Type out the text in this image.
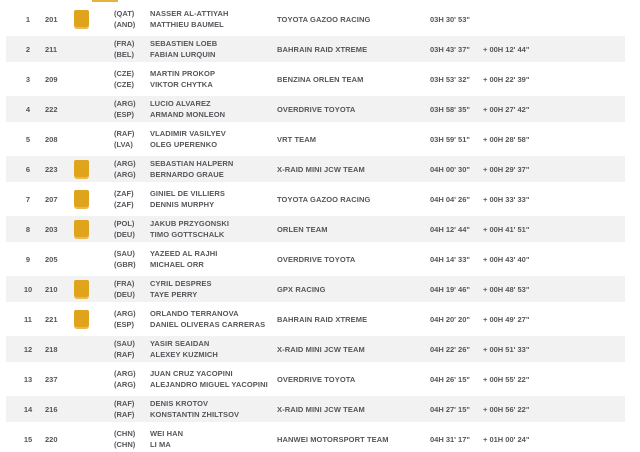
1	201
(QAT)	NASSER AL-ATTIYAH
(AND)	MATTHIEU BAUMEL
TOYOTA GAZOO RACING	03H 30' 53"
2	211
(FRA)	SEBASTIEN LOEB
(BEL)	FABIAN LURQUIN
BAHRAIN RAID XTREME	03H 43' 37"	+ 00H 12' 44"
3	209
(CZE)	MARTIN PROKOP
(CZE)	VIKTOR CHYTKA
BENZINA ORLEN TEAM	03H 53' 32"	+ 00H 22' 39"
4	222
(ARG)	LUCIO ALVAREZ
(ESP)	ARMAND MONLEON
OVERDRIVE TOYOTA	03H 58' 35"	+ 00H 27' 42"
5	208
(RAF)	VLADIMIR VASILYEV
(LVA)	OLEG UPERENKO
VRT TEAM	03H 59' 51"	+ 00H 28' 58"
6	223
(ARG)	SEBASTIAN HALPERN
(ARG)	BERNARDO GRAUE
X-RAID MINI JCW TEAM	04H 00' 30"	+ 00H 29' 37"
7	207
(ZAF)	GINIEL DE VILLIERS
(ZAF)	DENNIS MURPHY
TOYOTA GAZOO RACING	04H 04' 26"	+ 00H 33' 33"
8	203
(POL)	JAKUB PRZYGONSKI
(DEU)	TIMO GOTTSCHALK
ORLEN TEAM	04H 12' 44"	+ 00H 41' 51"
9	205
(SAU)	YAZEED AL RAJHI
(GBR)	MICHAEL ORR
OVERDRIVE TOYOTA	04H 14' 33"	+ 00H 43' 40"
10	210
(FRA)	CYRIL DESPRES
(DEU)	TAYE PERRY
GPX RACING	04H 19' 46"	+ 00H 48' 53"
11	221
(ARG)	ORLANDO TERRANOVA
(ESP)	DANIEL OLIVERAS CARRERAS
BAHRAIN RAID XTREME	04H 20' 20"	+ 00H 49' 27"
12	218
(SAU)	YASIR SEAIDAN
(RAF)	ALEXEY KUZMICH
X-RAID MINI JCW TEAM	04H 22' 26"	+ 00H 51' 33"
13	237
(ARG)	JUAN CRUZ YACOPINI
(ARG)	ALEJANDRO MIGUEL YACOPINI
OVERDRIVE TOYOTA	04H 26' 15"	+ 00H 55' 22"
14	216
(RAF)	DENIS KROTOV
(RAF)	KONSTANTIN ZHILTSOV
X-RAID MINI JCW TEAM	04H 27' 15"	+ 00H 56' 22"
15	220
(CHN)	WEI HAN
(CHN)	LI MA
HANWEI MOTORSPORT TEAM	04H 31' 17"	+ 01H 00' 24"
